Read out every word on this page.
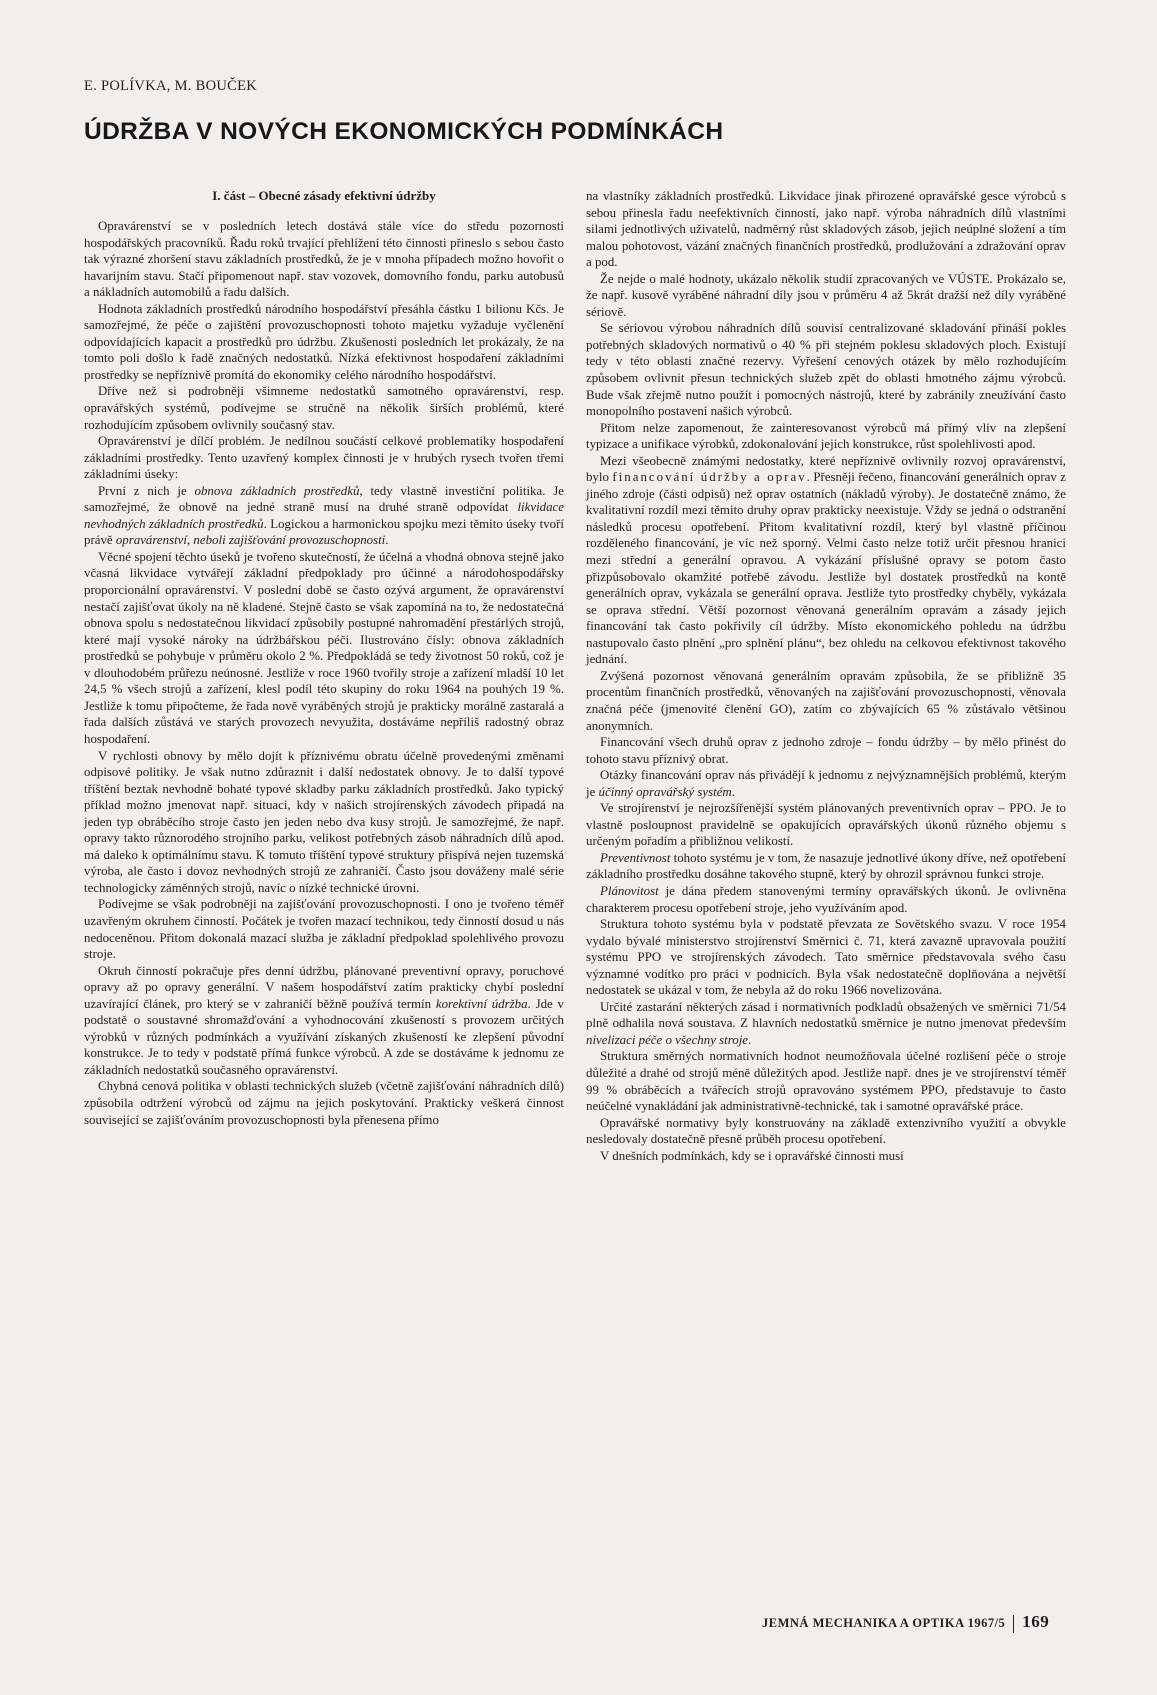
E. POLÍVKA, M. BOUČEK
ÚDRŽBA V NOVÝCH EKONOMICKÝCH PODMÍNKÁCH
I. část – Obecné zásady efektivní údržby

Opravárenství se v posledních letech dostává stále více do středu pozornosti hospodářských pracovníků. Řadu roků trvající přehlížení této činnosti přineslo s sebou často tak výrazné zhoršení stavu základních prostředků, že je v mnoha případech možno hovořit o havarijním stavu. Stačí připomenout např. stav vozovek, domovního fondu, parku autobusů a nákladních automobilů a řadu dalších.

Hodnota základních prostředků národního hospodářství přesáhla částku 1 bilionu Kčs. Je samozřejmé, že péče o zajištění provozuschopnosti tohoto majetku vyžaduje vyčlenění odpovídajících kapacit a prostředků pro údržbu. Zkušenosti posledních let prokázaly, že na tomto poli došlo k řadě značných nedostatků. Nízká efektivnost hospodaření základními prostředky se nepříznivě promítá do ekonomiky celého národního hospodářství.

Dříve než si podrobněji všimneme nedostatků samotného opravárenství, resp. opravářských systémů, podívejme se stručně na několik širších problémů, které rozhodujícím způsobem ovlivnily současný stav.

Opravárenství je dílčí problém. Je nedílnou součástí celkové problematiky hospodaření základními prostředky. Tento uzavřený komplex činnosti je v hrubých rysech tvořen třemi základními úseky:

První z nich je obnova základních prostředků, tedy vlastně investiční politika. Je samozřejmé, že obnově na jedné straně musí na druhé straně odpovídat likvidace nevhodných základních prostředků. Logickou a harmonickou spojku mezi těmito úseky tvoří právě opravárenství, neboli zajišťování provozuschopnosti.

Věcné spojení těchto úseků je tvořeno skutečností, že účelná a vhodná obnova stejně jako včasná likvidace vytvářejí základní předpoklady pro účinné a národohospodářsky proporcionální opravárenství. V poslední době se často ozývá argument, že opravárenství nestačí zajišťovat úkoly na ně kladené. Stejně často se však zapomíná na to, že nedostatečná obnova spolu s nedostatečnou likvidací způsobily postupné nahromadění přestárlých strojů, které mají vysoké nároky na údržbářskou péči. Ilustrováno čísly: obnova základních prostředků se pohybuje v průměru okolo 2 %. Předpokládá se tedy životnost 50 roků, což je v dlouhodobém průřezu neúnosné. Jestliže v roce 1960 tvořily stroje a zařízení mladší 10 let 24,5 % všech strojů a zařízení, klesl podíl této skupiny do roku 1964 na pouhých 19 %. Jestliže k tomu připočteme, že řada nově vyráběných strojů je prakticky morálně zastaralá a řada dalších zůstává ve starých provozech nevyužita, dostáváme nepříliš radostný obraz hospodaření.

V rychlosti obnovy by mělo dojít k příznivému obratu účelně provedenými změnami odpisové politiky. Je však nutno zdůraznit i další nedostatek obnovy. Je to další typové tříštění beztak nevhodně bohaté typové skladby parku základních prostředků. Jako typický příklad možno jmenovat např. situaci, kdy v našich strojírenských závodech připadá na jeden typ obráběcího stroje často jen jeden nebo dva kusy strojů. Je samozřejmé, že např. opravy takto různorodého strojního parku, velikost potřebných zásob náhradních dílů apod. má daleko k optimálnímu stavu. K tomuto tříštění typové struktury přispívá nejen tuzemská výroba, ale často i dovoz nevhodných strojů ze zahraničí. Často jsou dováženy malé série technologicky záměnných strojů, navíc o nízké technické úrovni.

Podívejme se však podrobněji na zajišťování provozuschopnosti. I ono je tvořeno téměř uzavřeným okruhem činností. Počátek je tvořen mazací technikou, tedy činností dosud u nás nedoceněnou. Přitom dokonalá mazací služba je základní předpoklad spolehlivého provozu stroje.

Okruh činností pokračuje přes denní údržbu, plánované preventivní opravy, poruchové opravy až po opravy generální. V našem hospodářství zatím prakticky chybí poslední uzavírající článek, pro který se v zahraničí běžně používá termín korektivní údržba. Jde v podstatě o soustavné shromažďování a vyhodnocování zkušeností s provozem určitých výrobků v různých podmínkách a využívání získaných zkušeností ke zlepšení původní konstrukce. Je to tedy v podstatě přímá funkce výrobců. A zde se dostáváme k jednomu ze základních nedostatků současného opravárenství.

Chybná cenová politika v oblasti technických služeb (včetně zajišťování náhradních dílů) způsobila odtržení výrobců od zájmu na jejich poskytování. Prakticky veškerá činnost související se zajišťováním provozuschopnosti byla přenesena přímo

na vlastníky základních prostředků. Likvidace jinak přirozené opravářské gesce výrobců s sebou přinesla řadu neefektivních činností, jako např. výroba náhradních dílů vlastními silami jednotlivých uživatelů, nadměrný růst skladových zásob, jejich neúplné složení a tím malou pohotovost, vázání značných finančních prostředků, prodlužování a zdražování oprav a pod.

Že nejde o malé hodnoty, ukázalo několik studií zpracovaných ve VÚSTE. Prokázalo se, že např. kusově vyráběné náhradní díly jsou v průměru 4 až 5krát dražší než díly vyráběné sériově.

Se sériovou výrobou náhradních dílů souvisí centralizované skladování přináší pokles potřebných skladových normativů o 40 % při stejném poklesu skladových ploch. Existují tedy v této oblasti značné rezervy. Vyřešení cenových otázek by mělo rozhodujícím způsobem ovlivnit přesun technických služeb zpět do oblasti hmotného zájmu výrobců. Bude však zřejmě nutno použít i pomocných nástrojů, které by zabránily zneužívání často monopolního postavení našich výrobců.

Přitom nelze zapomenout, že zainteresovanost výrobců má přímý vliv na zlepšení typizace a unifikace výrobků, zdokonalování jejich konstrukce, růst spolehlivosti apod.

Mezi všeobecně známými nedostatky, které nepříznivě ovlivnily rozvoj opravárenství, bylo financování údržby a oprav. Přesněji řečeno, financování generálních oprav z jiného zdroje (části odpisů) než oprav ostatních (nákladů výroby). Je dostatečně známo, že kvalitativní rozdíl mezi těmito druhy oprav prakticky neexistuje. Vždy se jedná o odstranění následků procesu opotřebení. Přitom kvalitativní rozdíl, který byl vlastně příčinou rozděleného financování, je víc než sporný. Velmi často nelze totiž určit přesnou hranici mezi střední a generální opravou. A vykázání příslušné opravy se potom často přizpůsobovalo okamžité potřebě závodu. Jestliže byl dostatek prostředků na kontě generálních oprav, vykázala se generální oprava. Jestliže tyto prostředky chyběly, vykázala se oprava střední. Větší pozornost věnovaná generálním opravám a zásady jejich financování tak často pokřivily cíl údržby. Místo ekonomického pohledu na údržbu nastupovalo často plnění „pro splnění plánu“, bez ohledu na celkovou efektivnost takového jednání.

Zvýšená pozornost věnovaná generálním opravám způsobila, že se přibližně 35 procentům finančních prostředků, věnovaných na zajišťování provozuschopnosti, věnovala značná péče (jmenovité členění GO), zatím co zbývajících 65 % zůstávalo většinou anonymních.

Financování všech druhů oprav z jednoho zdroje – fondu údržby – by mělo přinést do tohoto stavu příznivý obrat.

Otázky financování oprav nás přivádějí k jednomu z nejvýznamnějších problémů, kterým je účinný opravářský systém.

Ve strojírenství je nejrozšířenější systém plánovaných preventivních oprav – PPO. Je to vlastně posloupnost pravidelně se opakujících opravářských úkonů různého objemu s určeným pořadím a přibližnou velikostí.

Preventivnost tohoto systému je v tom, že nasazuje jednotlivé úkony dříve, než opotřebení základního prostředku dosáhne takového stupně, který by ohrozil správnou funkci stroje.

Plánovitost je dána předem stanovenými termíny opravářských úkonů. Je ovlivněna charakterem procesu opotřebení stroje, jeho využíváním apod.

Struktura tohoto systému byla v podstatě převzata ze Sovětského svazu. V roce 1954 vydalo bývalé ministerstvo strojírenství Směrnici č. 71, která zavazně upravovala použití systému PPO ve strojírenských závodech. Tato směrnice představovala svého času významné vodítko pro práci v podnicích. Byla však nedostatečně doplňována a největší nedostatek se ukázal v tom, že nebyla až do roku 1966 novelizována.

Určité zastarání některých zásad i normativních podkladů obsažených ve směrnici 71/54 plně odhalila nová soustava. Z hlavních nedostatků směrnice je nutno jmenovat především nivelizaci péče o všechny stroje.

Struktura směrných normativních hodnot neumožňovala účelné rozlišení péče o stroje důležité a drahé od strojů méně důležitých apod. Jestliže např. dnes je ve strojírenství téměř 99 % obráběcích a tvářecích strojů opravováno systémem PPO, představuje to často neúčelné vynakládání jak administrativně-technické, tak i samotné opravářské práce.

Opravářské normativy byly konstruovány na základě extenzivního využití a obvykle nesledovaly dostatečně přesně průběh procesu opotřebení.

V dnešních podmínkách, kdy se i opravářské činnosti musí

JEMNÁ MECHANIKA A OPTIKA 1967/5 169
